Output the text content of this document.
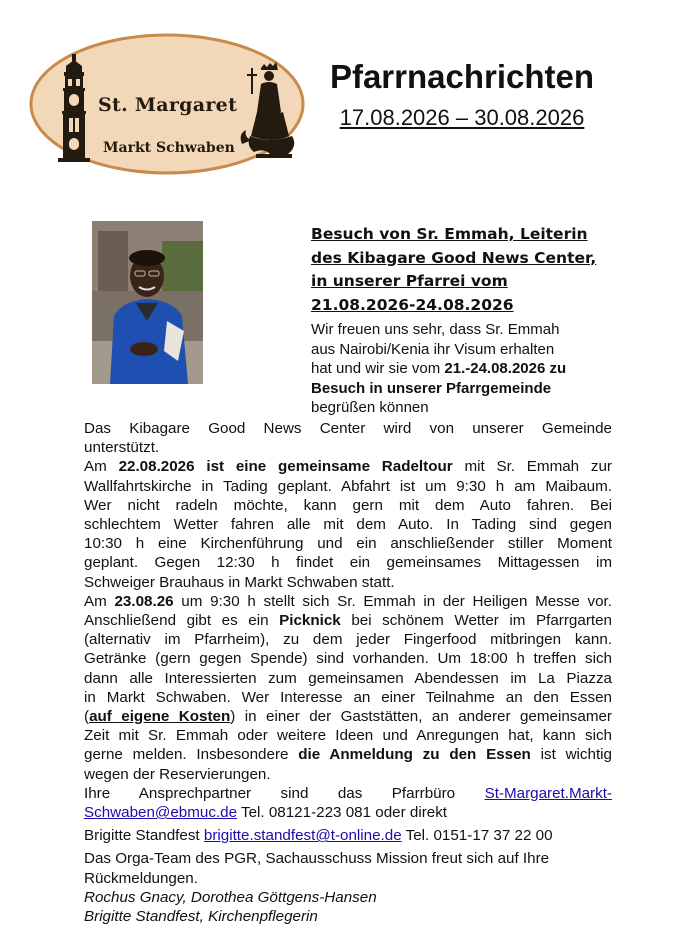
St. Margaret
Markt Schwaben
Pfarrnachrichten
17.08.2026 – 30.08.2026
Besuch von Sr. Emmah, Leiterin
des Kibagare Good News Center,
in unserer Pfarrei vom
21.08.2026-24.08.2026
Wir freuen uns sehr, dass Sr. Emmah
aus Nairobi/Kenia ihr Visum erhalten
hat und wir sie vom 21.-24.08.2026 zu
Besuch in unserer Pfarrgemeinde
begrüßen können

Das Kibagare Good News Center wird von unserer Gemeinde
unterstützt.

Am 22.08.2026 ist eine gemeinsame Radeltour mit Sr. Emmah zur
Wallfahrtskirche in Tading geplant. Abfahrt ist um 9:30 h am Maibaum.
Wer nicht radeln möchte, kann gern mit dem Auto fahren. Bei
schlechtem Wetter fahren alle mit dem Auto. In Tading sind gegen
10:30 h eine Kirchenführung und ein anschließender stiller Moment
geplant. Gegen 12:30 h findet ein gemeinsames Mittagessen im
Schweiger Brauhaus in Markt Schwaben statt.

Am 23.08.26 um 9:30 h stellt sich Sr. Emmah in der Heiligen Messe vor.
Anschließend gibt es ein Picknick bei schönem Wetter im Pfarrgarten
(alternativ im Pfarrheim), zu dem jeder Fingerfood mitbringen kann.
Getränke (gern gegen Spende) sind vorhanden. Um 18:00 h treffen sich
dann alle Interessierten zum gemeinsamen Abendessen im La Piazza
in Markt Schwaben. Wer Interesse an einer Teilnahme an den Essen
(auf eigene Kosten) in einer der Gaststätten, an anderer gemeinsamer
Zeit mit Sr. Emmah oder weitere Ideen und Anregungen hat, kann sich
gerne melden. Insbesondere die Anmeldung zu den Essen ist wichtig
wegen der Reservierungen.

Ihre Ansprechpartner sind das Pfarrbüro St-Margaret.Markt-
Schwaben@ebmuc.de Tel. 08121-223 081 oder direkt

Brigitte Standfest brigitte.standfest@t-online.de Tel. 0151-17 37 22 00

Das Orga-Team des PGR, Sachausschuss Mission freut sich auf Ihre
Rückmeldungen.

Rochus Gnacy, Dorothea Göttgens-Hansen
Brigitte Standfest, Kirchenpflegerin
